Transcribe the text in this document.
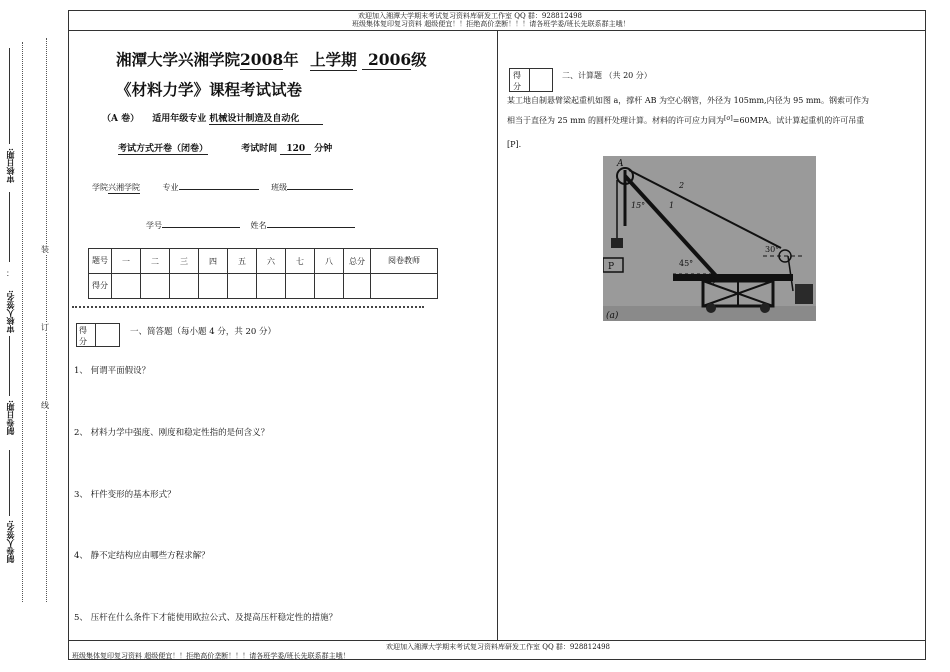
审核日期:
审核人签名:
：
制卷日期:
制卷人签名:
装
订
线
欢迎加入湘潭大学期末考试复习资料库研发工作室 QQ 群：928812498
班级集体复印复习资料 超级便宜！！拒绝高价垄断！！！请各班学委/班长先联系群主哦！
欢迎加入湘潭大学期末考试复习资料库研发工作室 QQ 群：928812498
班级集体复印复习资料 超级便宜！！拒绝高价垄断！！！请各班学委/班长先联系群主哦！
湘潭大学兴湘学院2008年 上学期 2006级
《材料力学》课程考试试卷
（A 卷） 适用年级专业 机械设计制造及自动化
考试方式开卷（闭卷）	考试时间 120 分钟
学院兴湘学院	专业	班级
学号	姓名
题号	一	二	三	四	五	六	七	八	总分	阅卷教师
得分										
得分
一、简答题（每小题 4 分，共 20 分）
1、 何谓平面假设？
2、 材料力学中强度、刚度和稳定性指的是何含义？
3、 杆件变形的基本形式？
4、 静不定结构应由哪些方程求解？
5、 压杆在什么条件下才能使用欧拉公式、及提高压杆稳定性的措施？
得分
二、计算题 （共 20 分）
某工地自制悬臂梁起重机如图 a，撑杆 AB 为空心钢管，外径为 105mm,内径为 95 mm。钢索可作为
相当于直径为 25 mm 的圆杆处理计算。材料的许可应力同为[σ]=60MPA。试计算起重机的许可吊重
[P].
P
A
B
15°
30°
45°
1
2
(a)
